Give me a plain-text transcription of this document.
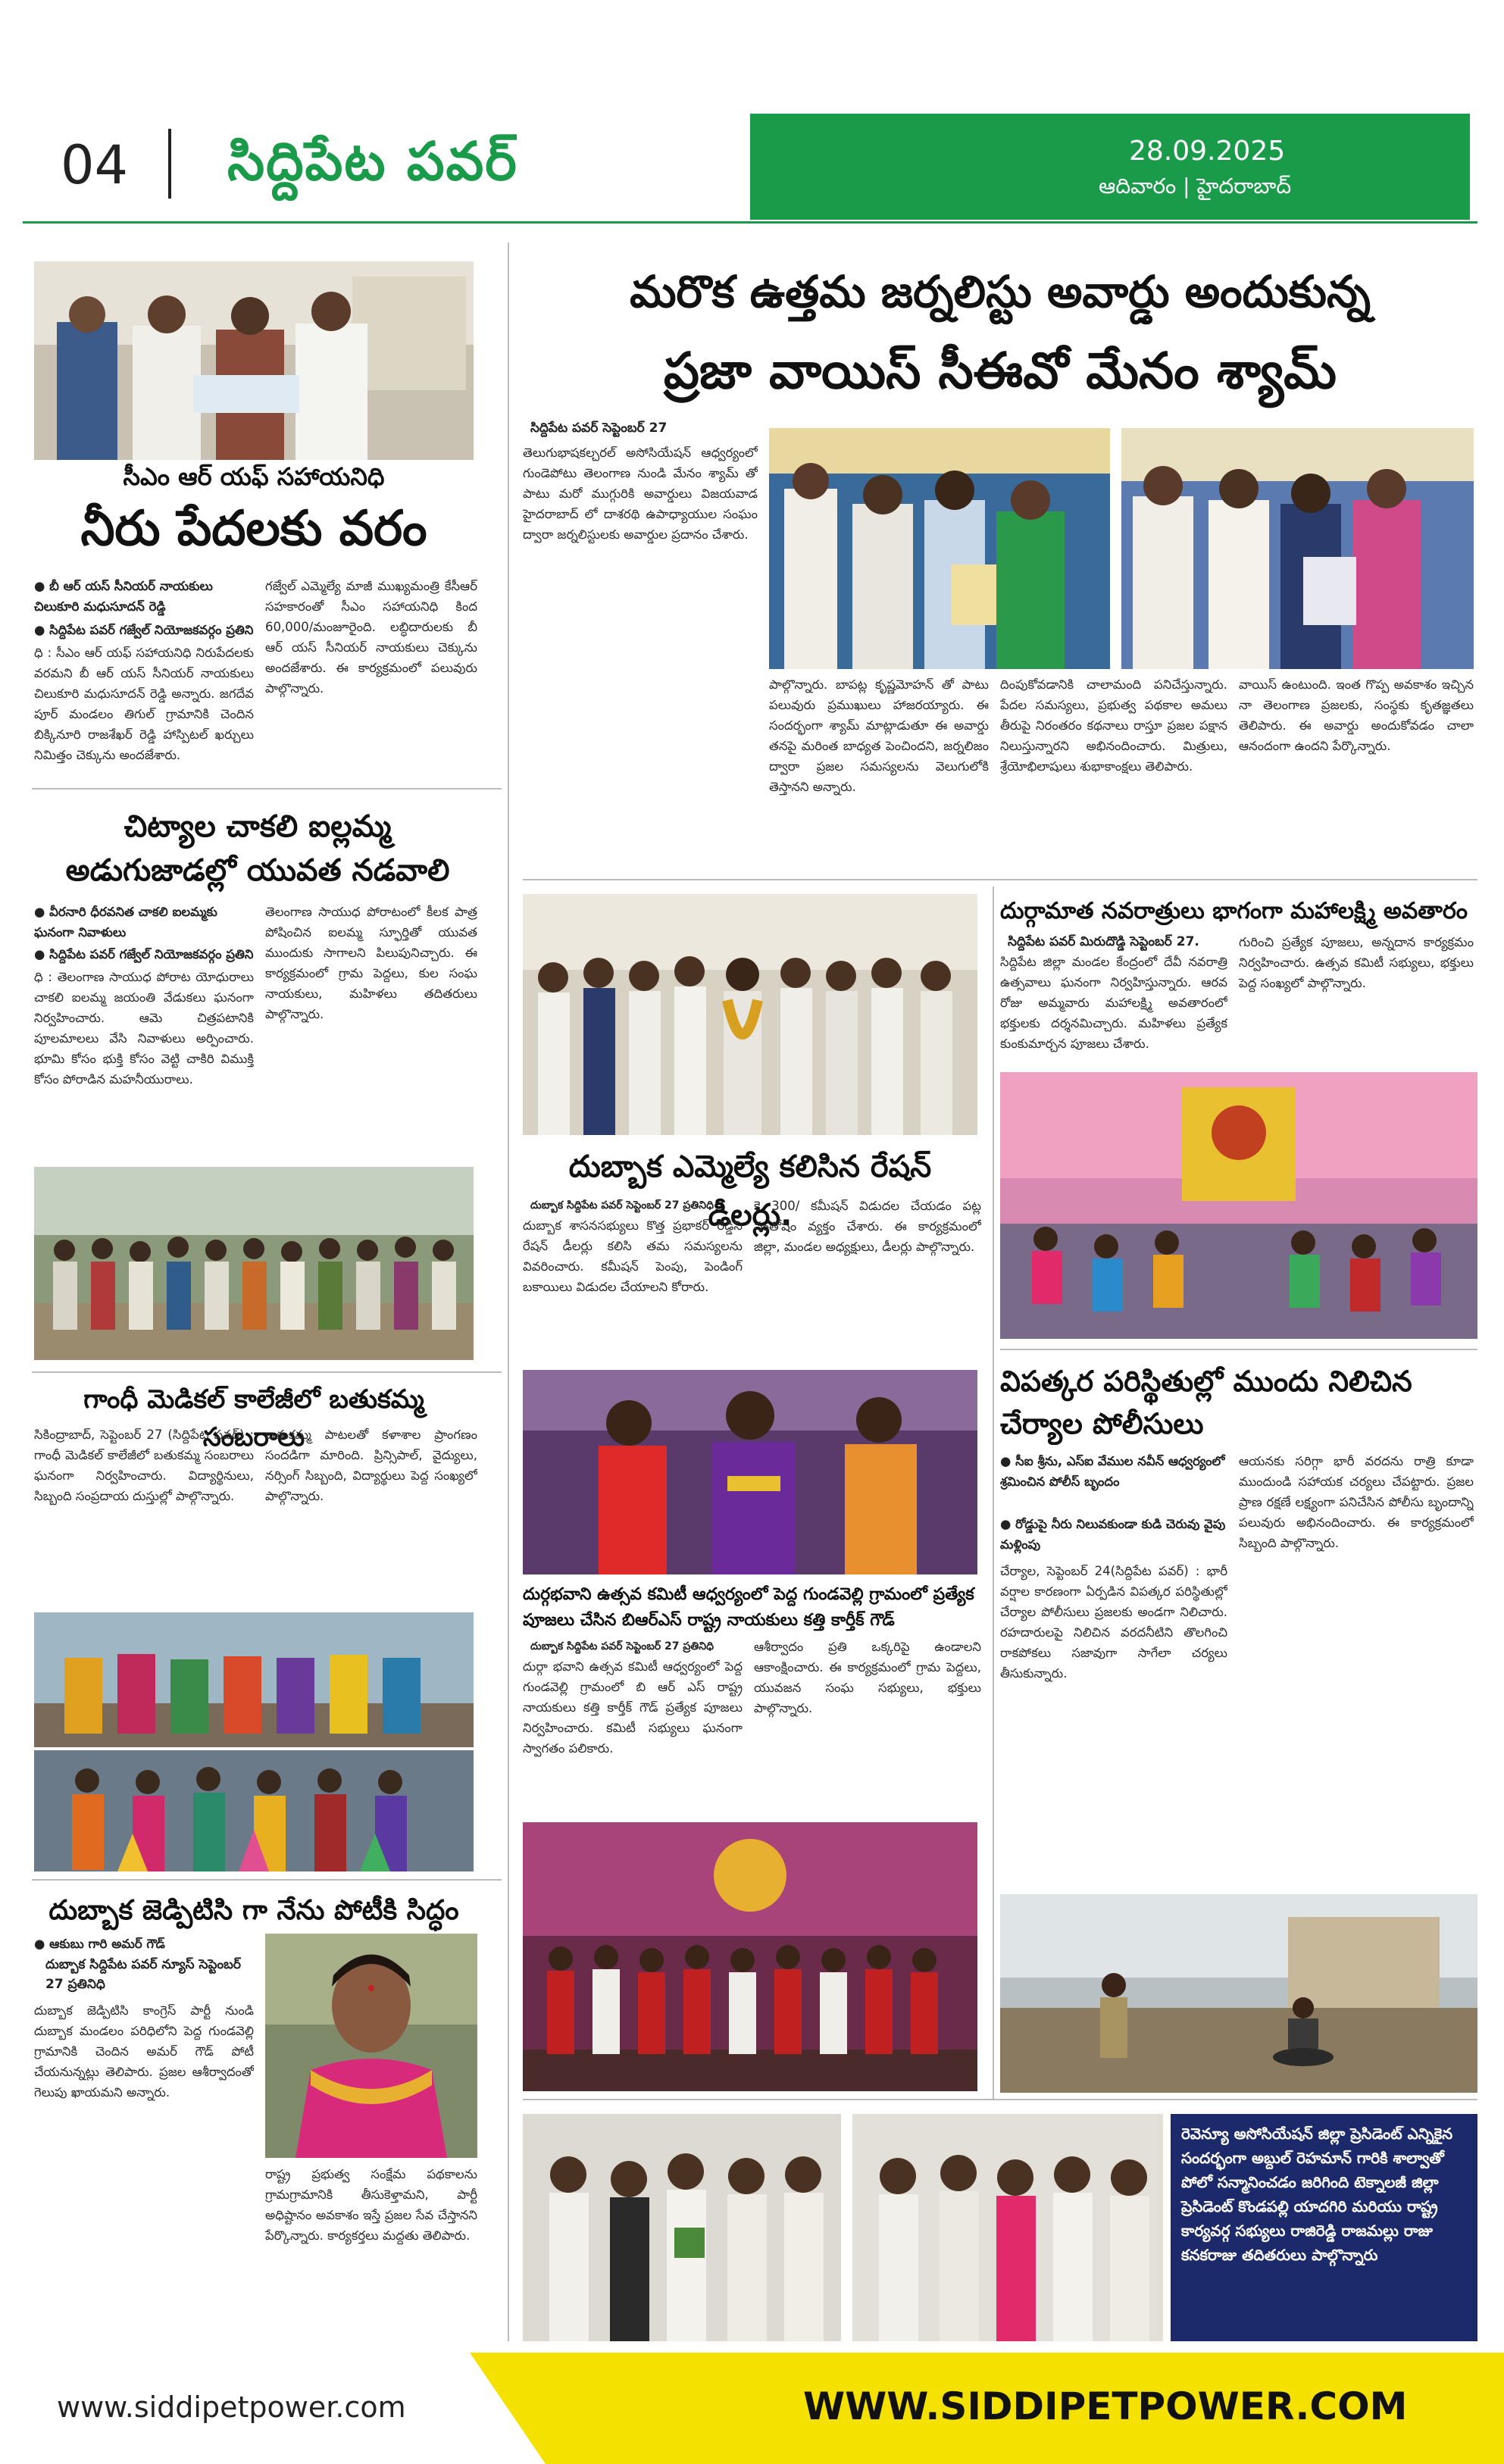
04 సిద్దిపేట పవర్	28.09.2025
ఆదివారం | హైదరాబాద్
సీఎం ఆర్ యఫ్ సహాయనిధి
నీరు పేదలకు వరం
● బీ ఆర్ యస్ సీనియర్ నాయకులు చిలుకూరి మధుసూదన్ రెడ్డి
● సిద్దిపేట పవర్ గజ్వేల్ నియోజకవర్గం ప్రతిని
ధి : సీఎం ఆర్ యఫ్ సహాయనిధి నిరుపేదలకు వరమని బీ ఆర్ యస్ సీనియర్ నాయకులు చిలుకూరి మధుసూదన్ రెడ్డి అన్నారు. జగదేవ పూర్ మండలం తిగుల్ గ్రామానికి చెందిన బిక్కినూరి రాజశేఖర్ రెడ్డి హాస్పిటల్ ఖర్చులు నిమిత్తం చెక్కును అందజేశారు.
గజ్వేల్ ఎమ్మెల్యే మాజీ ముఖ్యమంత్రి కేసీఆర్ సహకారంతో సీఎం సహాయనిధి కింద 60,000/మంజూరైంది. లబ్ధిదారులకు బీ ఆర్ యస్ సీనియర్ నాయకులు చెక్కును అందజేశారు. ఈ కార్యక్రమంలో పలువురు పాల్గొన్నారు.
చిట్యాల చాకలి ఐల్లమ్మ అడుగుజాడల్లో యువత నడవాలి
● వీరనారి ధీరవనిత చాకలి ఐలమ్మకు ఘనంగా నివాళులు
● సిద్దిపేట పవర్ గజ్వేల్ నియోజకవర్గం ప్రతిని
ధి : తెలంగాణ సాయుధ పోరాట యోధురాలు చాకలి ఐలమ్మ జయంతి వేడుకలు ఘనంగా నిర్వహించారు. ఆమె చిత్రపటానికి పూలమాలలు వేసి నివాళులు అర్పించారు. భూమి కోసం భుక్తి కోసం వెట్టి చాకిరి విముక్తి కోసం పోరాడిన మహనీయురాలు.
తెలంగాణ సాయుధ పోరాటంలో కీలక పాత్ర పోషించిన ఐలమ్మ స్ఫూర్తితో యువత ముందుకు సాగాలని పిలుపునిచ్చారు. ఈ కార్యక్రమంలో గ్రామ పెద్దలు, కుల సంఘ నాయకులు, మహిళలు తదితరులు పాల్గొన్నారు.
గాంధీ మెడికల్ కాలేజీలో బతుకమ్మ సంబరాలు
సికింద్రాబాద్, సెప్టెంబర్ 27 (సిద్దిపేట పవర్) : గాంధీ మెడికల్ కాలేజీలో బతుకమ్మ సంబరాలు ఘనంగా నిర్వహించారు. విద్యార్థినులు, సిబ్బంది సంప్రదాయ దుస్తుల్లో పాల్గొన్నారు.
బతుకమ్మ పాటలతో కళాశాల ప్రాంగణం సందడిగా మారింది. ప్రిన్సిపాల్, వైద్యులు, నర్సింగ్ సిబ్బంది, విద్యార్థులు పెద్ద సంఖ్యలో పాల్గొన్నారు.
దుబ్బాక జెడ్పిటిసి గా నేను పోటీకి సిద్ధం
● ఆకుబు గారి అమర్ గౌడ్
దుబ్బాక సిద్దిపేట పవర్ న్యూస్ సెప్టెంబర్ 27 ప్రతినిధి
దుబ్బాక జెడ్పిటిసి కాంగ్రెస్ పార్టీ నుండి దుబ్బాక మండలం పరిధిలోని పెద్ద గుండవెల్లి గ్రామానికి చెందిన అమర్ గౌడ్ పోటీ చేయనున్నట్లు తెలిపారు. ప్రజల ఆశీర్వాదంతో గెలుపు ఖాయమని అన్నారు.
రాష్ట్ర ప్రభుత్వ సంక్షేమ పథకాలను గ్రామగ్రామానికి తీసుకెళ్తామని, పార్టీ అధిష్టానం అవకాశం ఇస్తే ప్రజల సేవ చేస్తానని పేర్కొన్నారు. కార్యకర్తలు మద్దతు తెలిపారు.
మరొక ఉత్తమ జర్నలిస్టు అవార్డు అందుకున్న
ప్రజా వాయిస్ సీఈవో మేనం శ్యామ్
సిద్దిపేట పవర్ సెప్టెంబర్ 27
తెలుగుభాషకల్చరల్ అసోసియేషన్ ఆధ్వర్యంలో గుండెపోటు తెలంగాణ నుండి మేనం శ్యామ్ తో పాటు మరో ముగ్గురికి అవార్డులు విజయవాడ హైదరాబాద్ లో దాశరథి ఉపాధ్యాయుల సంఘం ద్వారా జర్నలిస్టులకు అవార్డుల ప్రదానం చేశారు.
పాల్గొన్నారు. బాపట్ల కృష్ణమోహన్ తో పాటు పలువురు ప్రముఖులు హాజరయ్యారు. ఈ సందర్భంగా శ్యామ్ మాట్లాడుతూ ఈ అవార్డు తనపై మరింత బాధ్యత పెంచిందని, జర్నలిజం ద్వారా ప్రజల సమస్యలను వెలుగులోకి తెస్తానని అన్నారు.
దింపుకోవడానికి చాలామంది పనిచేస్తున్నారు. పేదల సమస్యలు, ప్రభుత్వ పథకాల అమలు తీరుపై నిరంతరం కథనాలు రాస్తూ ప్రజల పక్షాన నిలుస్తున్నారని అభినందించారు. మిత్రులు, శ్రేయోభిలాషులు శుభాకాంక్షలు తెలిపారు.
వాయిస్ ఉంటుంది. ఇంత గొప్ప అవకాశం ఇచ్చిన నా తెలంగాణ ప్రజలకు, సంస్థకు కృతజ్ఞతలు తెలిపారు. ఈ అవార్డు అందుకోవడం చాలా ఆనందంగా ఉందని పేర్కొన్నారు.
దుబ్బాక ఎమ్మెల్యే కలిసిన రేషన్ డీలర్లు.
దుబ్బాక సిద్దిపేట పవర్ సెప్టెంబర్ 27 ప్రతినిధి
దుబ్బాక శాసనసభ్యులు కొత్త ప్రభాకర్ రెడ్డిని రేషన్ డీలర్లు కలిసి తమ సమస్యలను వివరించారు. కమీషన్ పెంపు, పెండింగ్ బకాయిలు విడుదల చేయాలని కోరారు.
కె 300/ కమీషన్ విడుదల చేయడం పట్ల సంతోషం వ్యక్తం చేశారు. ఈ కార్యక్రమంలో జిల్లా, మండల అధ్యక్షులు, డీలర్లు పాల్గొన్నారు.
దుర్గామాత నవరాత్రులు భాగంగా మహాలక్ష్మి అవతారం
సిద్దిపేట పవర్ మిరుదొడ్డి సెప్టెంబర్ 27.
సిద్దిపేట జిల్లా మండల కేంద్రంలో దేవీ నవరాత్రి ఉత్సవాలు ఘనంగా నిర్వహిస్తున్నారు. ఆరవ రోజు అమ్మవారు మహాలక్ష్మి అవతారంలో భక్తులకు దర్శనమిచ్చారు. మహిళలు ప్రత్యేక కుంకుమార్చన పూజలు చేశారు.
గురించి ప్రత్యేక పూజలు, అన్నదాన కార్యక్రమం నిర్వహించారు. ఉత్సవ కమిటీ సభ్యులు, భక్తులు పెద్ద సంఖ్యలో పాల్గొన్నారు.
దుర్గభవాని ఉత్సవ కమిటీ ఆధ్వర్యంలో పెద్ద గుండవెల్లి గ్రామంలో ప్రత్యేక పూజలు చేసిన బిఆర్ఎస్ రాష్ట్ర నాయకులు కత్తి కార్తీక్ గౌడ్
దుబ్బాక సిద్దిపేట పవర్ సెప్టెంబర్ 27 ప్రతినిధి
దుర్గా భవాని ఉత్సవ కమిటీ ఆధ్వర్యంలో పెద్ద గుండవెల్లి గ్రామంలో బి ఆర్ ఎస్ రాష్ట్ర నాయకులు కత్తి కార్తీక్ గౌడ్ ప్రత్యేక పూజలు నిర్వహించారు. కమిటీ సభ్యులు ఘనంగా స్వాగతం పలికారు.
ఆశీర్వాదం ప్రతి ఒక్కరిపై ఉండాలని ఆకాంక్షించారు. ఈ కార్యక్రమంలో గ్రామ పెద్దలు, యువజన సంఘ సభ్యులు, భక్తులు పాల్గొన్నారు.
విపత్కర పరిస్థితుల్లో ముందు నిలిచిన చేర్యాల పోలీసులు
● సీఐ శ్రీను, ఎస్ఐ వేముల నవీన్ ఆధ్వర్యంలో శ్రమించిన పోలీస్ బృందం
● రోడ్డుపై నీరు నిలువకుండా కుడి చెరువు వైపు మళ్లింపు
చేర్యాల, సెప్టెంబర్ 24(సిద్దిపేట పవర్) : భారీ వర్షాల కారణంగా ఏర్పడిన విపత్కర పరిస్థితుల్లో చేర్యాల పోలీసులు ప్రజలకు అండగా నిలిచారు. రహదారులపై నిలిచిన వరదనీటిని తొలగించి రాకపోకలు సజావుగా సాగేలా చర్యలు తీసుకున్నారు.
ఆయనకు సరిగ్గా భారీ వరదను రాత్రి కూడా ముందుండి సహాయక చర్యలు చేపట్టారు. ప్రజల ప్రాణ రక్షణే లక్ష్యంగా పనిచేసిన పోలీసు బృందాన్ని పలువురు అభినందించారు. ఈ కార్యక్రమంలో సిబ్బంది పాల్గొన్నారు.
రెవెన్యూ అసోసియేషన్ జిల్లా ప్రెసిడెంట్ ఎన్నికైన సందర్భంగా అబ్దుల్ రెహమాన్ గారికి శాల్వాతో పోలో సన్మానించడం జరిగింది టెక్నాలజీ జిల్లా ప్రెసిడెంట్ కొండపల్లి యాదగిరి మరియు రాష్ట్ర కార్యవర్గ సభ్యులు రాజిరెడ్డి రాజమల్లు రాజు కనకరాజు తదితరులు పాల్గొన్నారు
www.siddipetpower.com	WWW.SIDDIPETPOWER.COM
